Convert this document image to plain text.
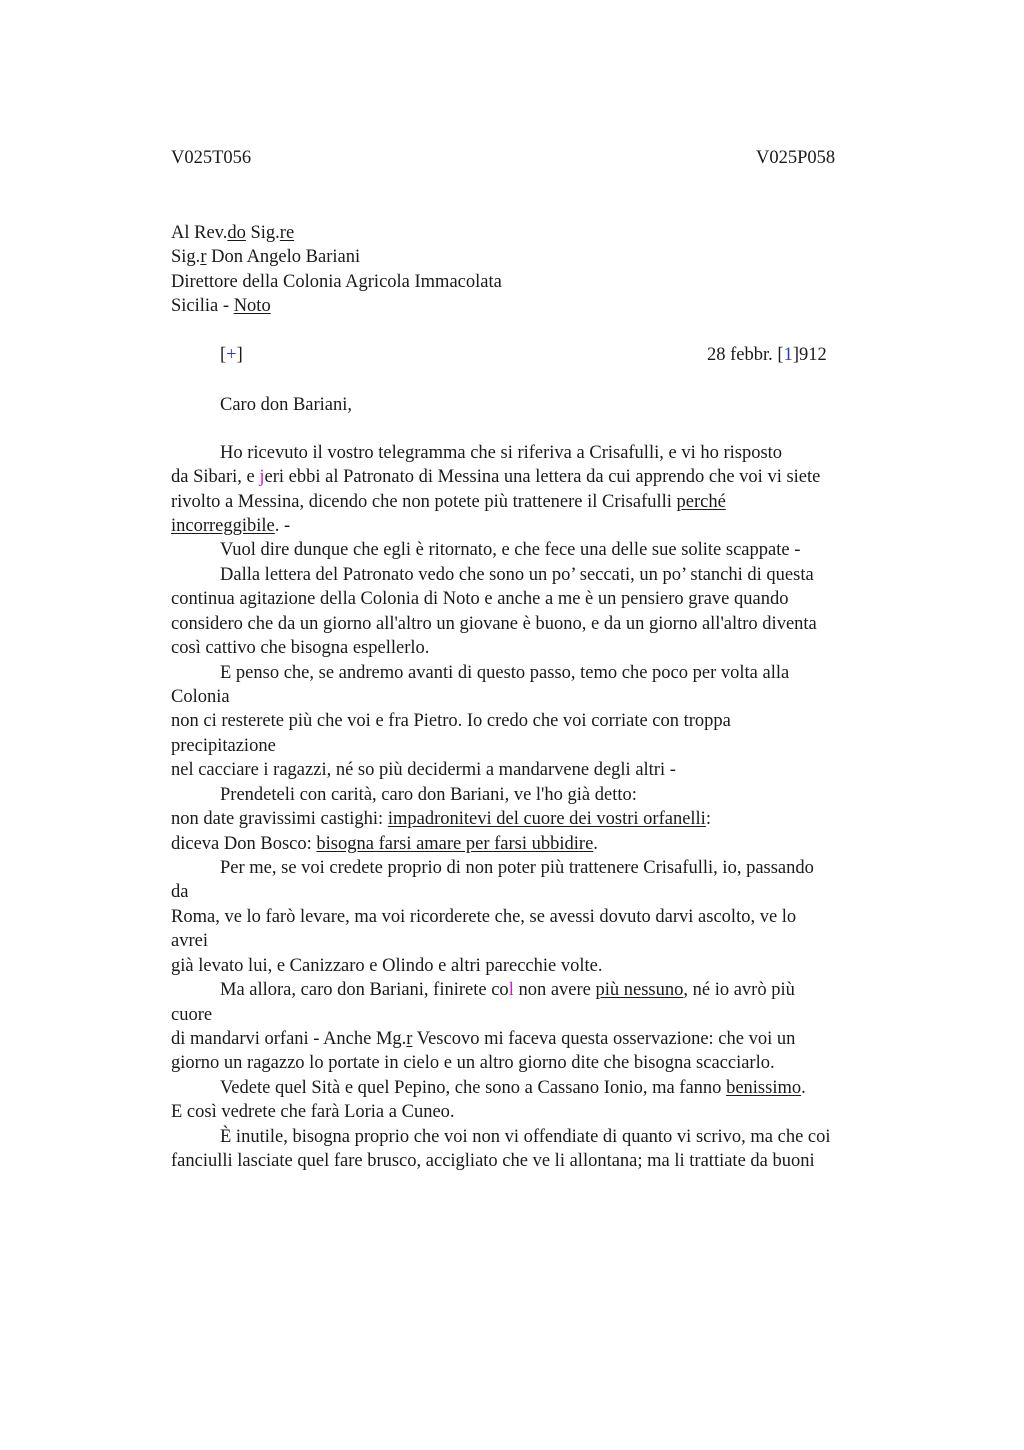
V025T056	V025P058
Al Rev.do Sig.re
Sig.r Don Angelo Bariani
Direttore della Colonia Agricola Immacolata
Sicilia - Noto
[+]	28 febbr. [1]912
Caro don Bariani,
Ho ricevuto il vostro telegramma che si riferiva a Crisafulli, e vi ho risposto
da Sibari, e jeri ebbi al Patronato di Messina una lettera da cui apprendo che voi vi siete
rivolto a Messina, dicendo che non potete più trattenere il Crisafulli perché
incorreggibile. -
Vuol dire dunque che egli è ritornato, e che fece una delle sue solite scappate -
Dalla lettera del Patronato vedo che sono un po’ seccati, un po’ stanchi di questa
continua agitazione della Colonia di Noto e anche a me è un pensiero grave quando
considero che da un giorno all'altro un giovane è buono, e da un giorno all'altro diventa
così cattivo che bisogna espellerlo.
E penso che, se andremo avanti di questo passo, temo che poco per volta alla
Colonia
non ci resterete più che voi e fra Pietro. Io credo che voi corriate con troppa
precipitazione
nel cacciare i ragazzi, né so più decidermi a mandarvene degli altri -
Prendeteli con carità, caro don Bariani, ve l'ho già detto:
non date gravissimi castighi: impadronitevi del cuore dei vostri orfanelli:
diceva Don Bosco: bisogna farsi amare per farsi ubbidire.
Per me, se voi credete proprio di non poter più trattenere Crisafulli, io, passando
da
Roma, ve lo farò levare, ma voi ricorderete che, se avessi dovuto darvi ascolto, ve lo
avrei
già levato lui, e Canizzaro e Olindo e altri parecchie volte.
Ma allora, caro don Bariani, finirete col non avere più nessuno, né io avrò più
cuore
di mandarvi orfani - Anche Mg.r Vescovo mi faceva questa osservazione: che voi un
giorno un ragazzo lo portate in cielo e un altro giorno dite che bisogna scacciarlo.
Vedete quel Sità e quel Pepino, che sono a Cassano Ionio, ma fanno benissimo.
E così vedrete che farà Loria a Cuneo.
È inutile, bisogna proprio che voi non vi offendiate di quanto vi scrivo, ma che coi
fanciulli lasciate quel fare brusco, accigliato che ve li allontana; ma li trattiate da buoni
